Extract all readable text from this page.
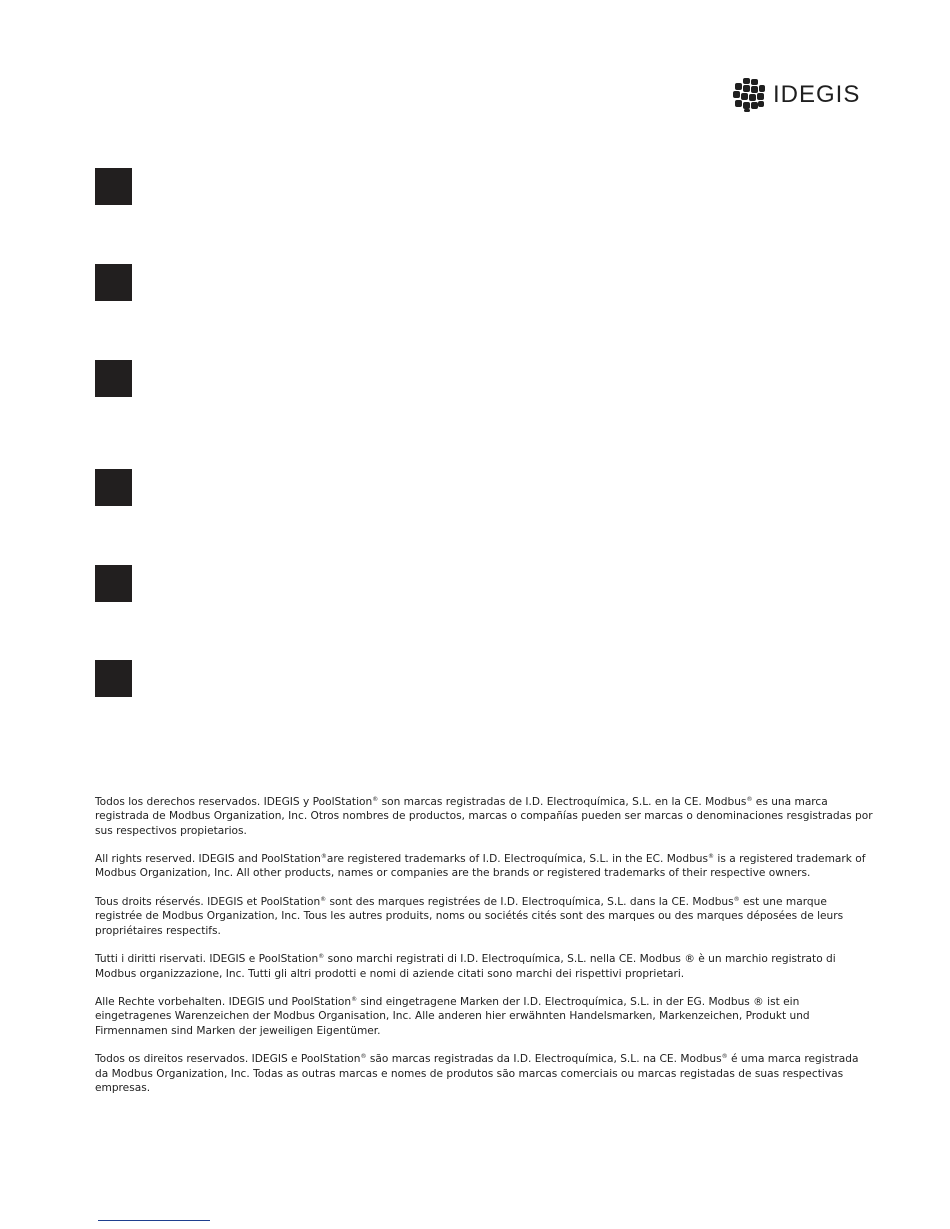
IDEGIS

Todos los derechos reservados. IDEGIS y PoolStation® son marcas registradas de I.D. Electroquímica, S.L. en la CE. Modbus® es una marca registrada de Modbus Organization, Inc. Otros nombres de productos, marcas o compañías pueden ser marcas o denominaciones resgistradas por sus respectivos propietarios.

All rights reserved. IDEGIS and PoolStation®are registered trademarks of I.D. Electroquímica, S.L. in the EC. Modbus® is a registered trademark of Modbus Organization, Inc. All other products, names or companies are the brands or registered trademarks of their respective owners.

Tous droits réservés. IDEGIS et PoolStation® sont des marques registrées de I.D. Electroquímica, S.L. dans la CE. Modbus® est une marque registrée de Modbus Organization, Inc. Tous les autres produits, noms ou sociétés cités sont des marques ou des marques déposées de leurs propriétaires respectifs.

Tutti i diritti riservati. IDEGIS e PoolStation® sono marchi registrati di I.D. Electroquímica, S.L. nella CE. Modbus ® è un marchio registrato di Modbus organizzazione, Inc. Tutti gli altri prodotti e nomi di aziende citati sono marchi dei rispettivi proprietari.

Alle Rechte vorbehalten. IDEGIS und PoolStation® sind eingetragene Marken der I.D. Electroquímica, S.L. in der EG. Modbus ® ist ein eingetragenes Warenzeichen der Modbus Organisation, Inc. Alle anderen hier erwähnten Handelsmarken, Markenzeichen, Produkt und Firmennamen sind Marken der jeweiligen Eigentümer.

Todos os direitos reservados. IDEGIS e PoolStation® são marcas registradas da I.D. Electroquímica, S.L. na CE. Modbus® é uma marca registrada da Modbus Organization, Inc. Todas as outras marcas e nomes de produtos são marcas comerciais ou marcas registadas de suas respectivas empresas.
